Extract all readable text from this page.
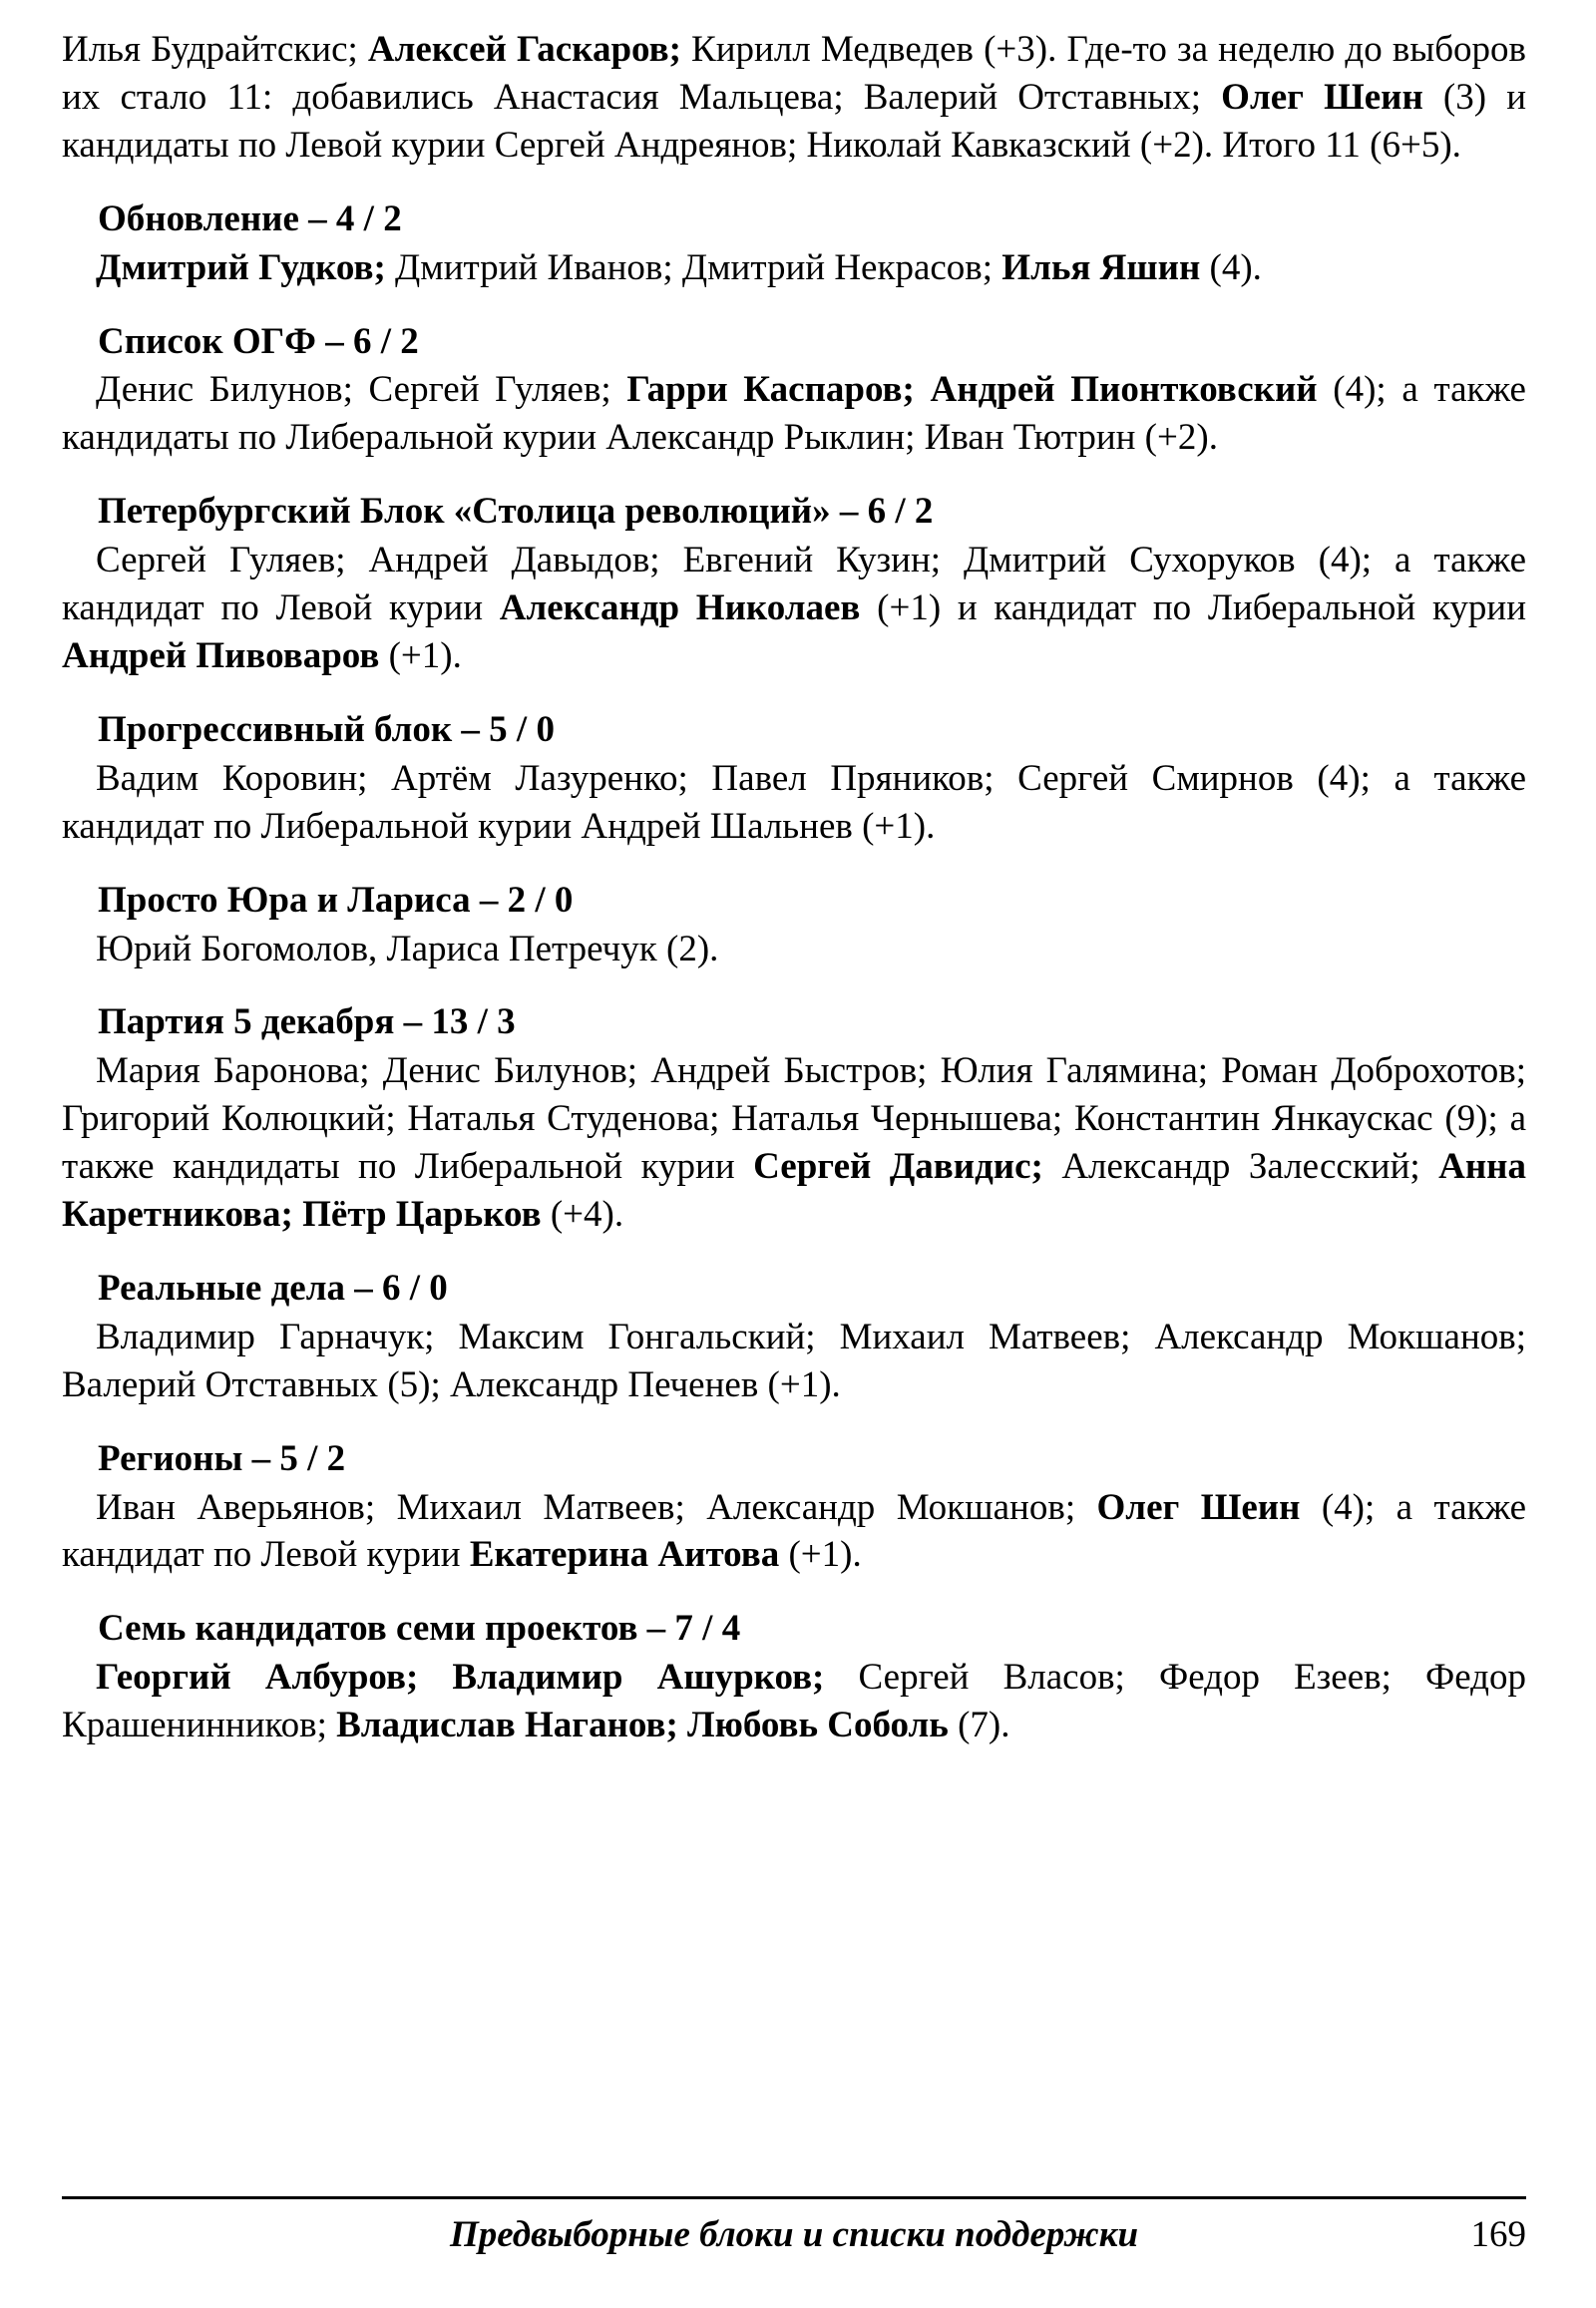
Илья Будрайтскис; Алексей Гаскаров; Кирилл Медведев (+3). Где-то за неделю до выборов их стало 11: добавились Анастасия Мальцева; Валерий Отставных; Олег Шеин (3) и кандидаты по Левой курии Сергей Андреянов; Николай Кавказский (+2). Итого 11 (6+5).

Обновление – 4 / 2

Дмитрий Гудков; Дмитрий Иванов; Дмитрий Некрасов; Илья Яшин (4).

Список ОГФ – 6 / 2

Денис Билунов; Сергей Гуляев; Гарри Каспаров; Андрей Пионтковский (4); а также кандидаты по Либеральной курии Александр Рыклин; Иван Тютрин (+2).

Петербургский Блок «Столица революций» – 6 / 2

Сергей Гуляев; Андрей Давыдов; Евгений Кузин; Дмитрий Сухоруков (4); а также кандидат по Левой курии Александр Николаев (+1) и кандидат по Либеральной курии Андрей Пивоваров (+1).

Прогрессивный блок – 5 / 0

Вадим Коровин; Артём Лазуренко; Павел Пряников; Сергей Смирнов (4); а также кандидат по Либеральной курии Андрей Шальнев (+1).

Просто Юра и Лариса – 2 / 0

Юрий Богомолов, Лариса Петречук (2).

Партия 5 декабря – 13 / 3

Мария Баронова; Денис Билунов; Андрей Быстров; Юлия Галямина; Роман Доброхотов; Григорий Колюцкий; Наталья Студенова; Наталья Чернышева; Константин Янкаускас (9); а также кандидаты по Либеральной курии Сергей Давидис; Александр Залесский; Анна Каретникова; Пётр Царьков (+4).

Реальные дела – 6 / 0

Владимир Гарначук; Максим Гонгальский; Михаил Матвеев; Александр Мокшанов; Валерий Отставных (5); Александр Печенев (+1).

Регионы – 5 / 2

Иван Аверьянов; Михаил Матвеев; Александр Мокшанов; Олег Шеин (4); а также кандидат по Левой курии Екатерина Аитова (+1).

Семь кандидатов семи проектов – 7 / 4

Георгий Албуров; Владимир Ашурков; Сергей Власов; Федор Езеев; Федор Крашенинников; Владислав Наганов; Любовь Соболь (7).

Предвыборные блоки и списки поддержки	169
